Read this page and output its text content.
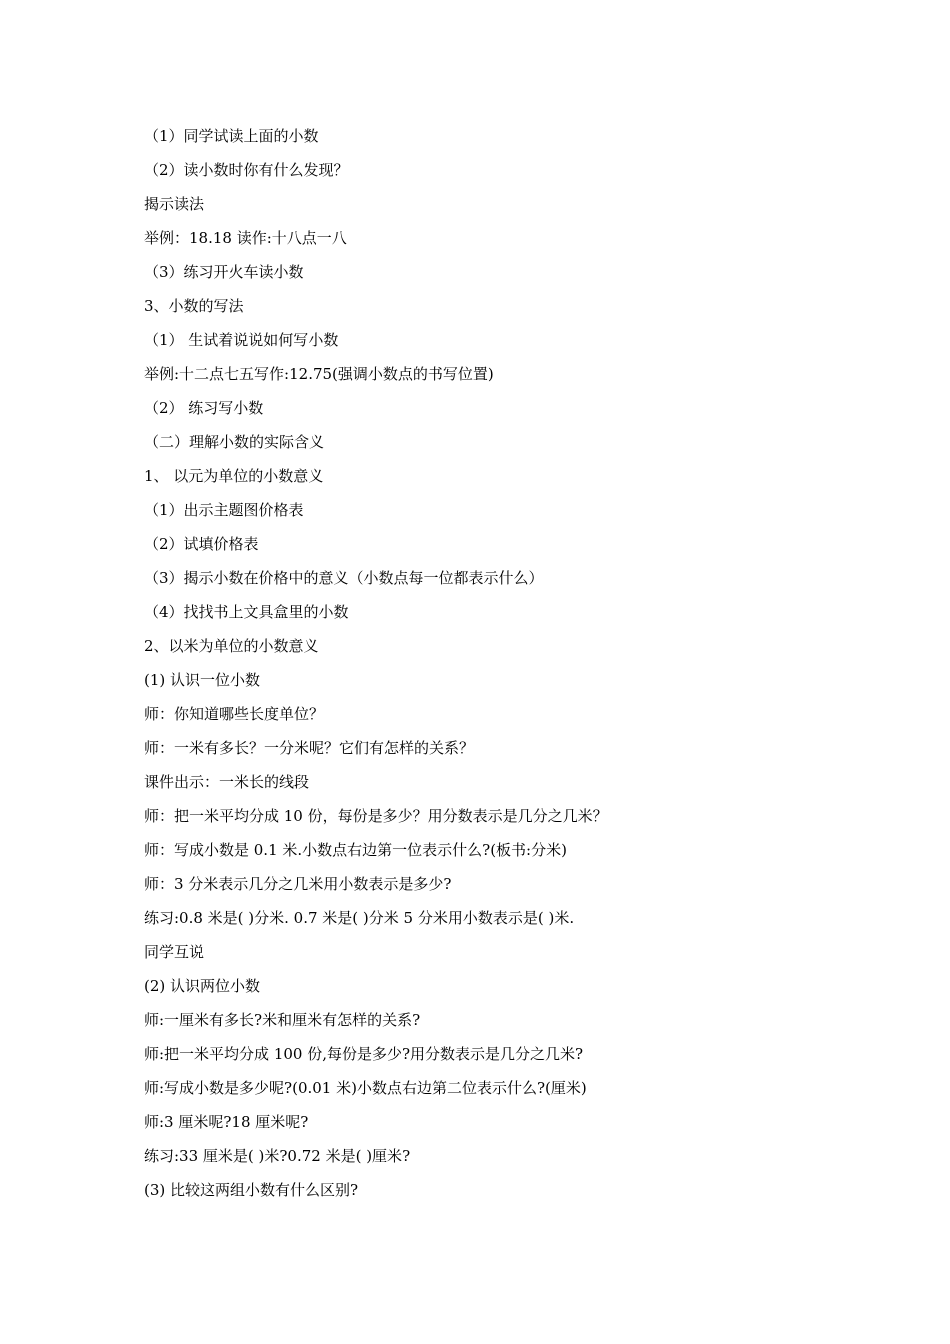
（1）同学试读上面的小数
（2）读小数时你有什么发现？
揭示读法
举例：18.18 读作:十八点一八
（3）练习开火车读小数
3、小数的写法
（1） 生试着说说如何写小数
举例:十二点七五写作:12.75(强调小数点的书写位置)
（2） 练习写小数
（二）理解小数的实际含义
1、 以元为单位的小数意义
（1）出示主题图价格表
（2）试填价格表
（3）揭示小数在价格中的意义（小数点每一位都表示什么）
（4）找找书上文具盒里的小数
2、以米为单位的小数意义
(1) 认识一位小数
师：你知道哪些长度单位？
师：一米有多长？一分米呢？它们有怎样的关系？
课件出示：一米长的线段
师：把一米平均分成 10 份，每份是多少？用分数表示是几分之几米？
师：写成小数是 0.1 米.小数点右边第一位表示什么?(板书:分米)
师：3 分米表示几分之几米用小数表示是多少?
练习:0.8 米是( )分米. 0.7 米是( )分米 5 分米用小数表示是( )米.
同学互说
(2) 认识两位小数
师:一厘米有多长?米和厘米有怎样的关系?
师:把一米平均分成 100 份,每份是多少?用分数表示是几分之几米?
师:写成小数是多少呢?(0.01 米)小数点右边第二位表示什么?(厘米)
师:3 厘米呢?18 厘米呢?
练习:33 厘米是( )米?0.72 米是( )厘米?
(3) 比较这两组小数有什么区别?
